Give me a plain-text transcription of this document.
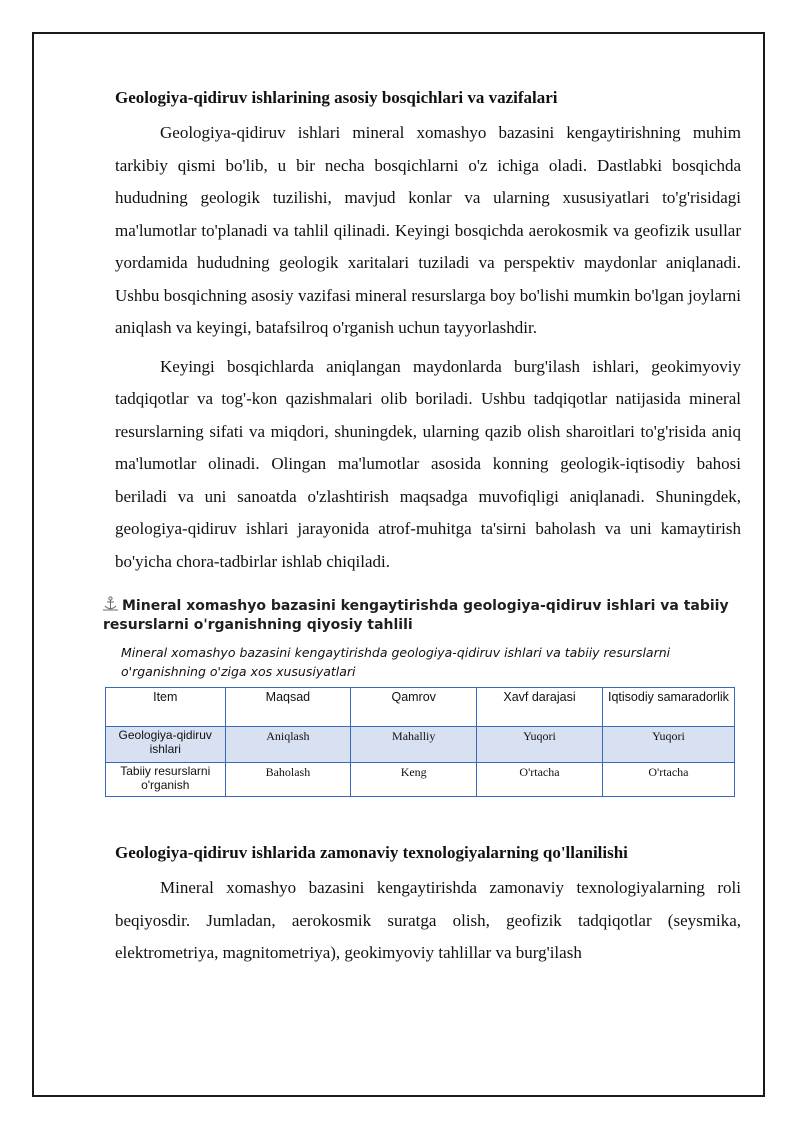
Geologiya-qidiruv ishlarining asosiy bosqichlari va vazifalari

Geologiya-qidiruv ishlari mineral xomashyo bazasini kengaytirishning muhim tarkibiy qismi bo'lib, u bir necha bosqichlarni o'z ichiga oladi. Dastlabki bosqichda hududning geologik tuzilishi, mavjud konlar va ularning xususiyatlari to'g'risidagi ma'lumotlar to'planadi va tahlil qilinadi. Keyingi bosqichda aerokosmik va geofizik usullar yordamida hududning geologik xaritalari tuziladi va perspektiv maydonlar aniqlanadi. Ushbu bosqichning asosiy vazifasi mineral resurslarga boy bo'lishi mumkin bo'lgan joylarni aniqlash va keyingi, batafsilroq o'rganish uchun tayyorlashdir.

Keyingi bosqichlarda aniqlangan maydonlarda burg'ilash ishlari, geokimyoviy tadqiqotlar va tog'-kon qazishmalari olib boriladi. Ushbu tadqiqotlar natijasida mineral resurslarning sifati va miqdori, shuningdek, ularning qazib olish sharoitlari to'g'risida aniq ma'lumotlar olinadi. Olingan ma'lumotlar asosida konning geologik-iqtisodiy bahosi beriladi va uni sanoatda o'zlashtirish maqsadga muvofiqligi aniqlanadi. Shuningdek, geologiya-qidiruv ishlari jarayonida atrof-muhitga ta'sirni baholash va uni kamaytirish bo'yicha chora-tadbirlar ishlab chiqiladi.

Mineral xomashyo bazasini kengaytirishda geologiya-qidiruv ishlari va tabiiy resurslarni o'rganishning qiyosiy tahlili
Mineral xomashyo bazasini kengaytirishda geologiya-qidiruv ishlari va tabiiy resurslarni o'rganishning o'ziga xos xususiyatlari
Item	Maqsad	Qamrov	Xavf darajasi	Iqtisodiy samaradorlik
Geologiya-qidiruv ishlari	Aniqlash	Mahalliy	Yuqori	Yuqori
Tabiiy resurslarni o'rganish	Baholash	Keng	O'rtacha	O'rtacha
Geologiya-qidiruv ishlarida zamonaviy texnologiyalarning qo'llanilishi

Mineral xomashyo bazasini kengaytirishda zamonaviy texnologiyalarning roli beqiyosdir. Jumladan, aerokosmik suratga olish, geofizik tadqiqotlar (seysmika, elektrometriya, magnitometriya), geokimyoviy tahlillar va burg'ilash
